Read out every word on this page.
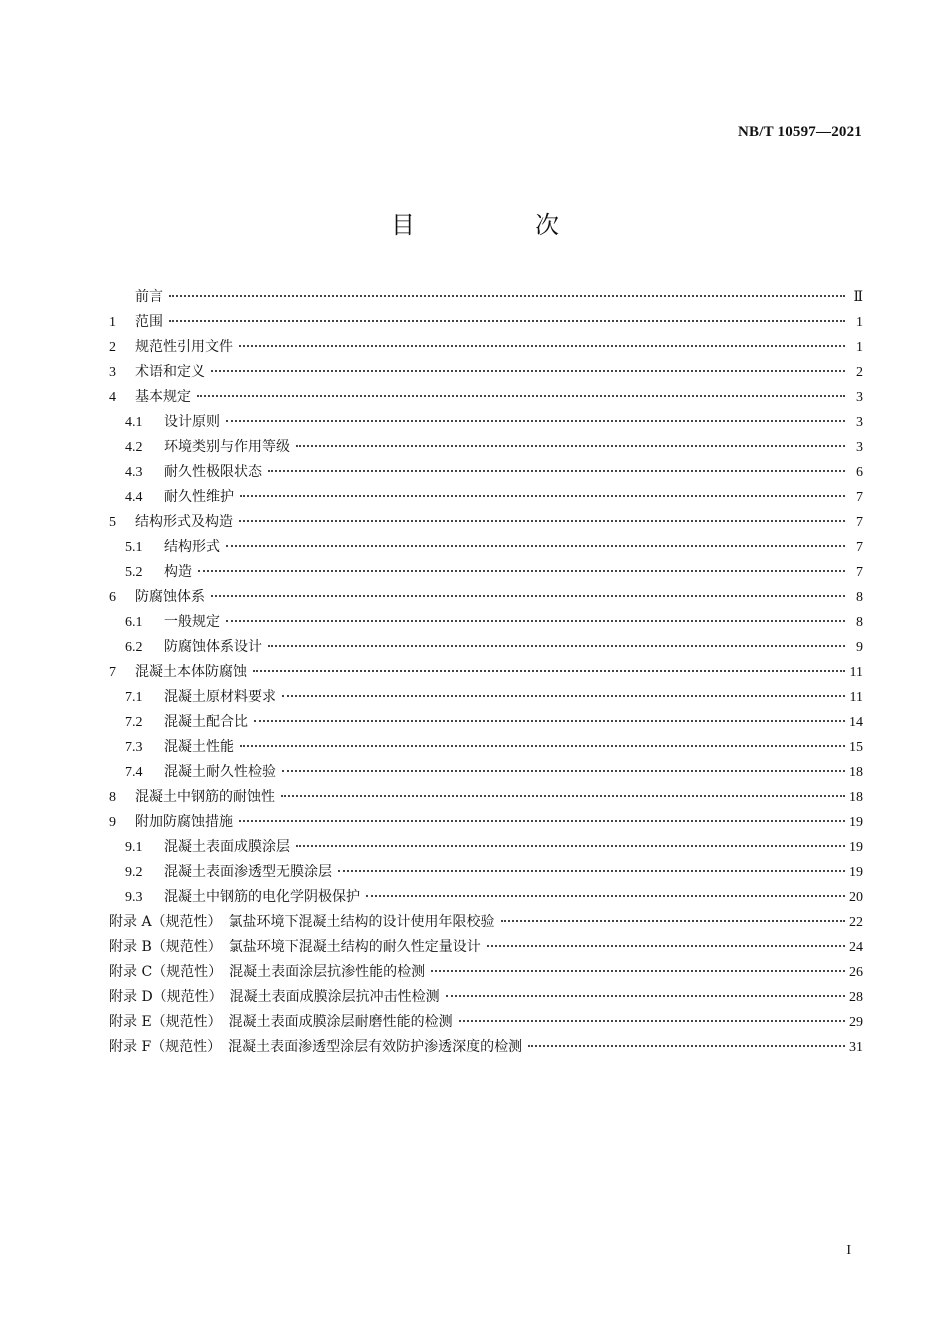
NB/T 10597—2021
目　次
前言	Ⅱ
1	范围	1
2	规范性引用文件	1
3	术语和定义	2
4	基本规定	3
4.1	设计原则	3
4.2	环境类别与作用等级	3
4.3	耐久性极限状态	6
4.4	耐久性维护	7
5	结构形式及构造	7
5.1	结构形式	7
5.2	构造	7
6	防腐蚀体系	8
6.1	一般规定	8
6.2	防腐蚀体系设计	9
7	混凝土本体防腐蚀	11
7.1	混凝土原材料要求	11
7.2	混凝土配合比	14
7.3	混凝土性能	15
7.4	混凝土耐久性检验	18
8	混凝土中钢筋的耐蚀性	18
9	附加防腐蚀措施	19
9.1	混凝土表面成膜涂层	19
9.2	混凝土表面渗透型无膜涂层	19
9.3	混凝土中钢筋的电化学阴极保护	20
附录 A（规范性）　氯盐环境下混凝土结构的设计使用年限校验	22
附录 B（规范性）　氯盐环境下混凝土结构的耐久性定量设计	24
附录 C（规范性）　混凝土表面涂层抗渗性能的检测	26
附录 D（规范性）　混凝土表面成膜涂层抗冲击性检测	28
附录 E（规范性）　混凝土表面成膜涂层耐磨性能的检测	29
附录 F（规范性）　混凝土表面渗透型涂层有效防护渗透深度的检测	31
I
